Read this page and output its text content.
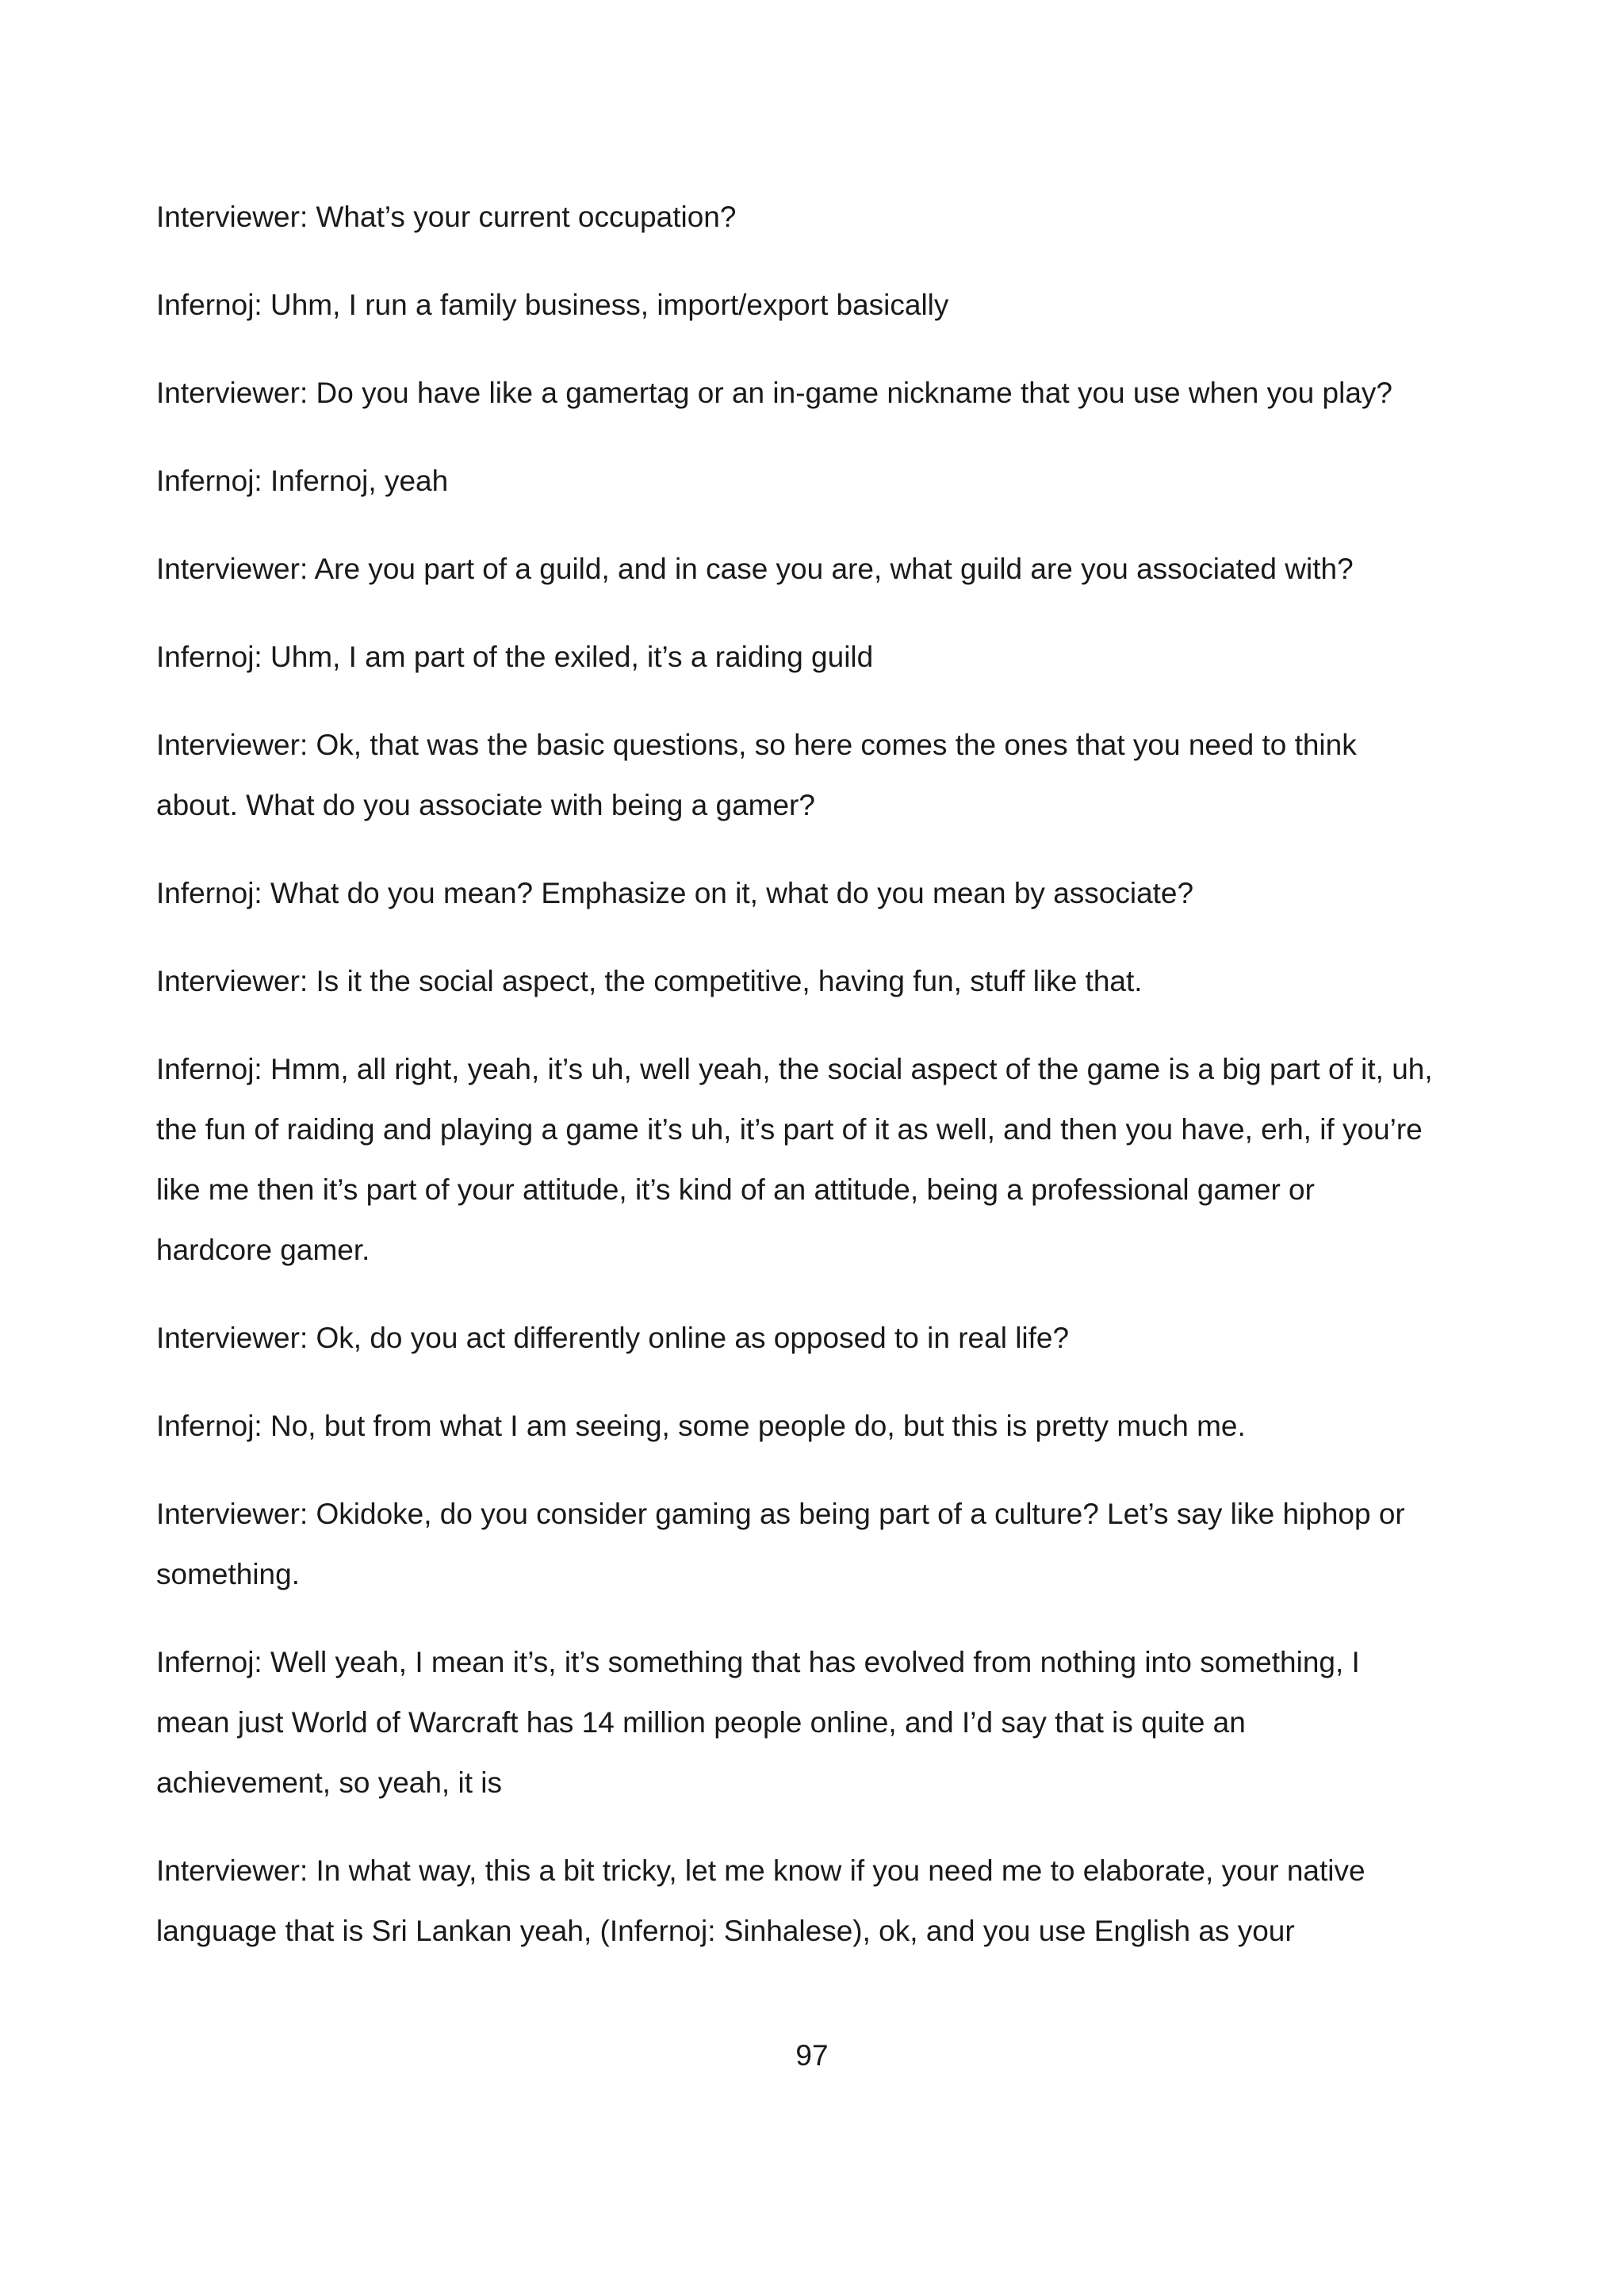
Interviewer: What’s your current occupation?

Infernoj: Uhm, I run a family business, import/export basically

Interviewer: Do you have like a gamertag or an in-game nickname that you use when you play?

Infernoj: Infernoj, yeah

Interviewer: Are you part of a guild, and in case you are, what guild are you associated with?

Infernoj: Uhm, I am part of the exiled, it’s a raiding guild

Interviewer: Ok, that was the basic questions, so here comes the ones that you need to think
about. What do you associate with being a gamer?

Infernoj: What do you mean? Emphasize on it, what do you mean by associate?

Interviewer: Is it the social aspect, the competitive, having fun, stuff like that.

Infernoj: Hmm, all right, yeah, it’s uh, well yeah, the social aspect of the game is a big part of it, uh,
the fun of raiding and playing a game it’s uh, it’s part of it as well, and then you have, erh, if you’re
like me then it’s part of your attitude, it’s kind of an attitude, being a professional gamer or
hardcore gamer.

Interviewer: Ok, do you act differently online as opposed to in real life?

Infernoj: No, but from what I am seeing, some people do, but this is pretty much me.

Interviewer: Okidoke, do you consider gaming as being part of a culture? Let’s say like hiphop or
something.

Infernoj: Well yeah, I mean it’s, it’s something that has evolved from nothing into something, I
mean just World of Warcraft has 14 million people online, and I’d say that is quite an
achievement, so yeah, it is

Interviewer: In what way, this a bit tricky, let me know if you need me to elaborate, your native
language that is Sri Lankan yeah, (Infernoj: Sinhalese), ok, and you use English as your

97
